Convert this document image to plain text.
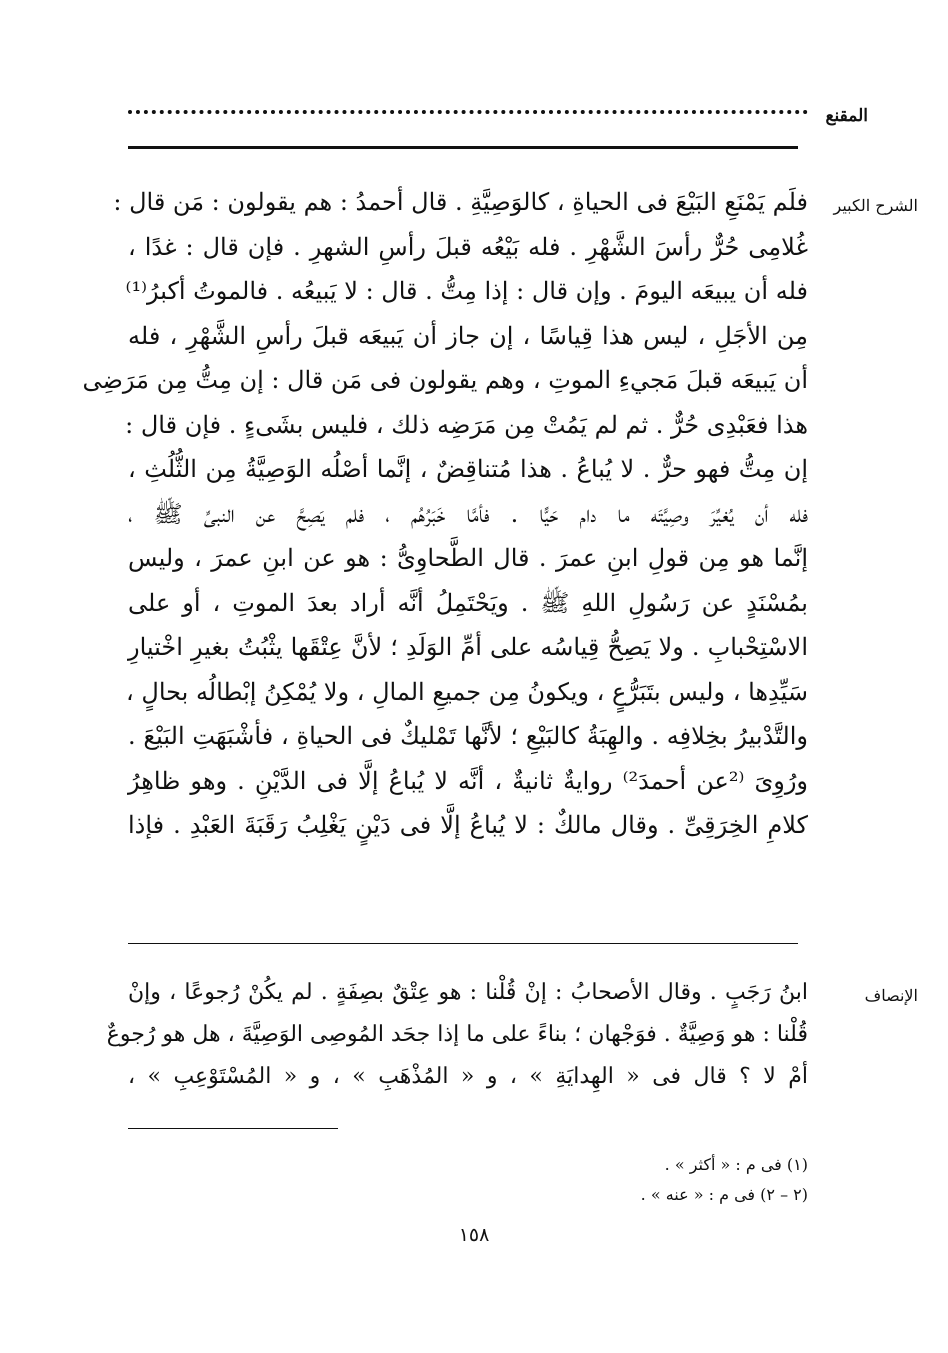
المقنع
الشرح الكبير
فلَم يَمْنَعِ البَيْعَ فى الحياةِ ، كالوَصِيَّةِ . قال أحمدُ : هم يقولون : مَن قال :
غُلامِى حُرٌّ رأسَ الشَّهْرِ . فله بَيْعُه قبلَ رأسِ الشهرِ . فإن قال : غدًا ،
فله أن يبيعَه اليومَ . وإن قال : إذا مِتُّ . قال : لا يَبيعُه . فالموتُ أكبرُ⁽¹⁾
مِن الأجَلِ ، ليس هذا قِياسًا ، إن جاز أن يَبيعَه قبلَ رأسِ الشَّهْرِ ، فله
أن يَبيعَه قبلَ مَجيءِ الموتِ ، وهم يقولون فى مَن قال : إن مِتُّ مِن مَرَضِى
هذا فعَبْدِى حُرٌّ . ثم لم يَمُتْ مِن مَرَضِه ذلك ، فليس بشَىءٍ . فإن قال :
إن مِتُّ فهو حرٌّ . لا يُباعُ . هذا مُتناقِضٌ ، إنَّما أصْلُه الوَصِيَّةُ مِن الثُّلُثِ ،
فله أن يُغيِّرَ وصِيَّتَه ما دام حَيًّا . فأمَّا خَبَرُهُم ، فلم يَصِحَّ عن النبىِّ ﷺ ،
إنَّما هو مِن قولِ ابنِ عمرَ . قال الطَّحاوِىُّ : هو عن ابنِ عمرَ ، وليس
بمُسْنَدٍ عن رَسُولِ اللهِ ﷺ . ويَحْتَمِلُ أنَّه أراد بعدَ الموتِ ، أو على
الاسْتِحْبابِ . ولا يَصِحُّ قِياسُه على أمِّ الوَلَدِ ؛ لأنَّ عِتْقَها يثْبُتُ بغيرِ اخْتيارِ
سَيِّدِها ، وليس بتَبَرُّعٍ ، ويكونُ مِن جميعِ المالِ ، ولا يُمْكِنُ إبْطالُه بحالٍ ،
والتَّدْبيرُ بخِلافِه . والهِبَةُ كالبَيْعِ ؛ لأنَّها تَمْليكٌ فى الحياةِ ، فأشْبَهَتِ البَيْعَ .
ورُوِىَ ⁽²عن أحمدَ²⁾ روايةٌ ثانيةٌ ، أنَّه لا يُباعُ إلَّا فى الدَّيْنِ . وهو ظاهِرُ
كلامِ الخِرَقِىِّ . وقال مالكٌ : لا يُباعُ إلَّا فى دَيْنٍ يَغْلِبُ رَقَبَةَ العَبْدِ . فإذا
الإنصاف
ابنُ رَجَبٍ . وقال الأصحابُ : إنْ قُلْنا : هو عِتْقٌ بصِفَةٍ . لم يكُنْ رُجوعًا ، وإنْ
قُلْنا : هو وَصِيَّةٌ . فوَجْهان ؛ بناءً على ما إذا جحَد المُوصِى الوَصِيَّةَ ، هل هو رُجوعٌ
أمْ لا ؟ قال فى « الهِدايَةِ » ، و « المُذْهَبِ » ، و « المُسْتَوْعِبِ » ،
(١) فى م : « أكثر » .
(٢ – ٢) فى م : « عنه » .
١٥٨
